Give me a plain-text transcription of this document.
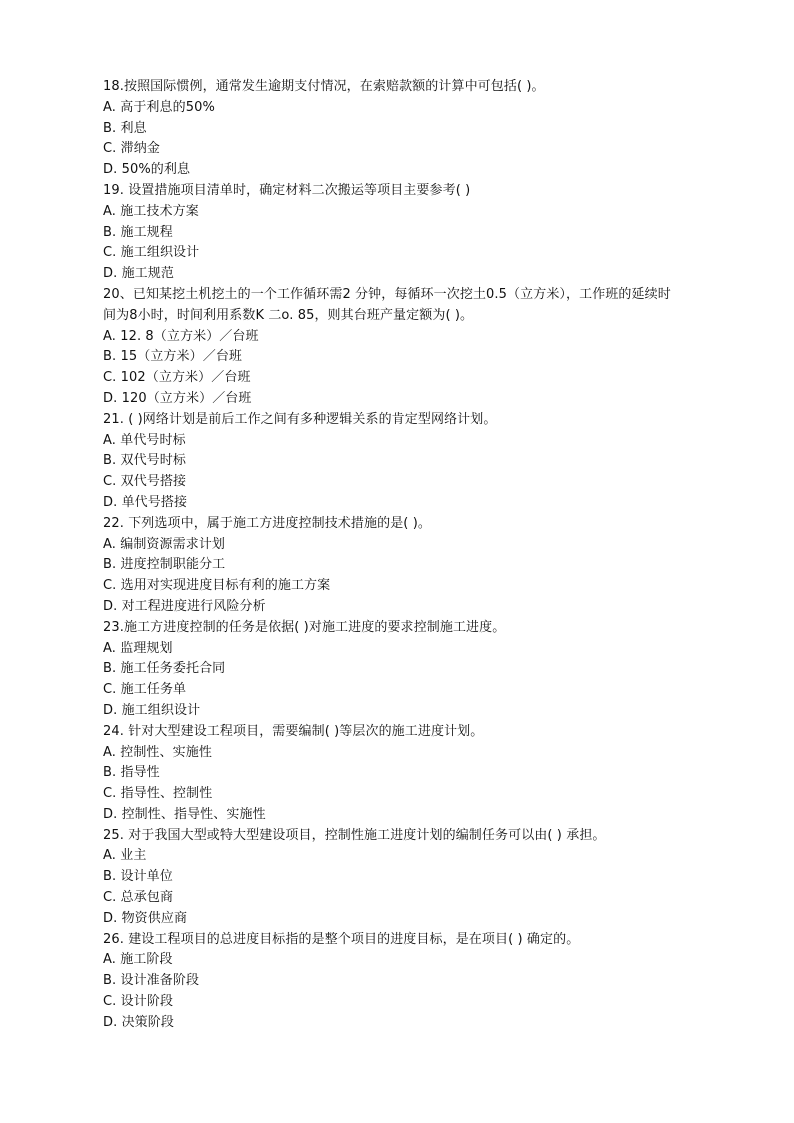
18.按照国际惯例，通常发生逾期支付情况，在索赔款额的计算中可包括( )。
A. 高于利息的50%
B. 利息
C. 滞纳金
D. 50%的利息
19. 设置措施项目清单时，确定材料二次搬运等项目主要参考( )
A. 施工技术方案
B. 施工规程
C. 施工组织设计
D. 施工规范
20、已知某挖土机挖土的一个工作循环需2 分钟，每循环一次挖土0.5（立方米），工作班的延续时
间为8小时，时间利用系数K 二o. 85，则其台班产量定额为( )。
A. 12. 8（立方米）／台班
B. 15（立方米）／台班
C. 102（立方米）／台班
D. 120（立方米）／台班
21. ( )网络计划是前后工作之间有多种逻辑关系的肯定型网络计划。
A. 单代号时标
B. 双代号时标
C. 双代号搭接
D. 单代号搭接
22. 下列选项中，属于施工方进度控制技术措施的是( )。
A. 编制资源需求计划
B. 进度控制职能分工
C. 选用对实现进度目标有利的施工方案
D. 对工程进度进行风险分析
23.施工方进度控制的任务是依据( )对施工进度的要求控制施工进度。
A. 监理规划
B. 施工任务委托合同
C. 施工任务单
D. 施工组织设计
24. 针对大型建设工程项目，需要编制( )等层次的施工进度计划。
A. 控制性、实施性
B. 指导性
C. 指导性、控制性
D. 控制性、指导性、实施性
25. 对于我国大型或特大型建设项目，控制性施工进度计划的编制任务可以由( ) 承担。
A. 业主
B. 设计单位
C. 总承包商
D. 物资供应商
26. 建设工程项目的总进度目标指的是整个项目的进度目标，是在项目( ) 确定的。
A. 施工阶段
B. 设计准备阶段
C. 设计阶段
D. 决策阶段
